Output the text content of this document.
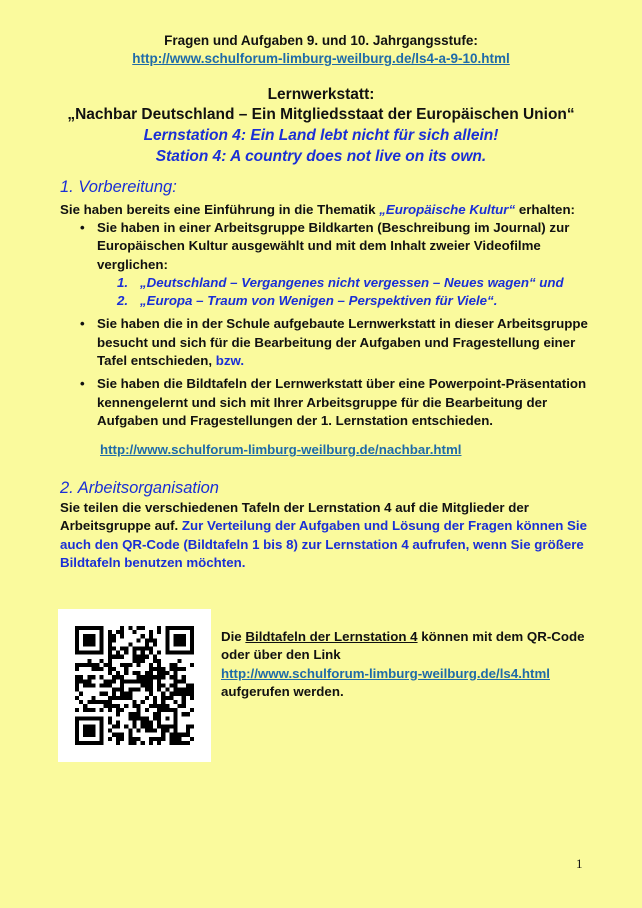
Fragen und Aufgaben 9. und 10. Jahrgangsstufe:
http://www.schulforum-limburg-weilburg.de/ls4-a-9-10.html
Lernwerkstatt:
„Nachbar Deutschland – Ein Mitgliedsstaat der Europäischen Union“
Lernstation 4: Ein Land lebt nicht für sich allein!
Station 4: A country does not live on its own.
1. Vorbereitung:
Sie haben bereits eine Einführung in die Thematik „Europäische Kultur“ erhalten:
• Sie haben in einer Arbeitsgruppe Bildkarten (Beschreibung im Journal) zur Europäischen Kultur ausgewählt und mit dem Inhalt zweier Videofilme verglichen:
1. „Deutschland – Vergangenes nicht vergessen – Neues wagen“ und
2. „Europa – Traum von Wenigen – Perspektiven für Viele“.
• Sie haben die in der Schule aufgebaute Lernwerkstatt in dieser Arbeitsgruppe besucht und sich für die Bearbeitung der Aufgaben und Fragestellung einer Tafel entschieden, bzw.
• Sie haben die Bildtafeln der Lernwerkstatt über eine Powerpoint-Präsentation kennengelernt und sich mit Ihrer Arbeitsgruppe für die Bearbeitung der Aufgaben und Fragestellungen der 1. Lernstation entschieden.
http://www.schulforum-limburg-weilburg.de/nachbar.html
2. Arbeitsorganisation
Sie teilen die verschiedenen Tafeln der Lernstation 4 auf die Mitglieder der Arbeitsgruppe auf. Zur Verteilung der Aufgaben und Lösung der Fragen können Sie auch den QR-Code (Bildtafeln 1 bis 8) zur Lernstation 4 aufrufen, wenn Sie größere Bildtafeln benutzen möchten.
Die Bildtafeln der Lernstation 4 können mit dem QR-Code oder über den Link
http://www.schulforum-limburg-weilburg.de/ls4.html
aufgerufen werden.
1
